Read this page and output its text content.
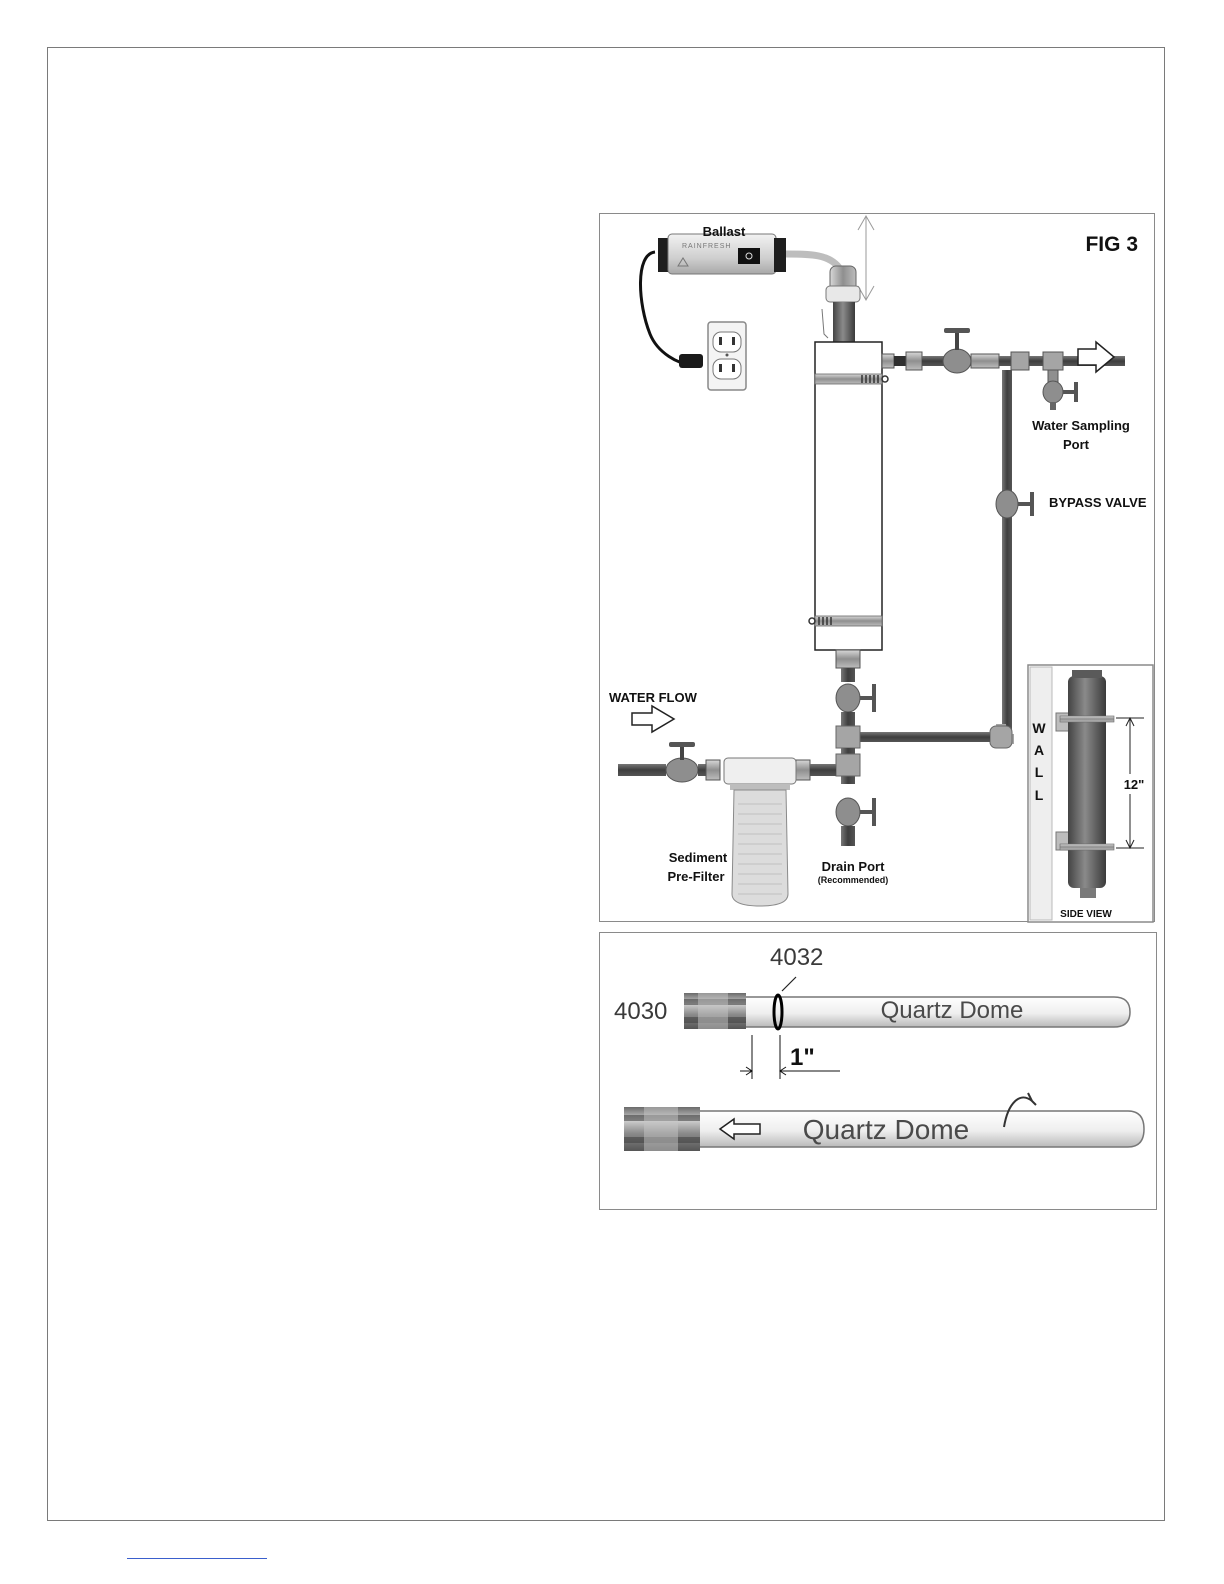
Ballast
RAINFRESH	FIG 3
Water Sampling
Port
BYPASS VALVE
WATER FLOW
Sediment
Pre-Filter
Drain Port
(Recommended)
W
A
L
L
12"
SIDE VIEW
4030
4032
Quartz Dome
Quartz Dome
1"
